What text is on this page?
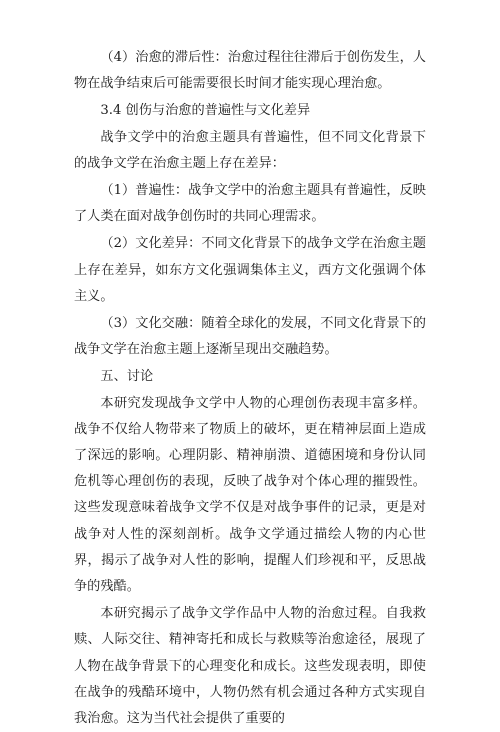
（4）治愈的滞后性：治愈过程往往滞后于创伤发生，人物在战争结束后可能需要很长时间才能实现心理治愈。

3.4 创伤与治愈的普遍性与文化差异

战争文学中的治愈主题具有普遍性，但不同文化背景下的战争文学在治愈主题上存在差异：

（1）普遍性：战争文学中的治愈主题具有普遍性，反映了人类在面对战争创伤时的共同心理需求。

（2）文化差异：不同文化背景下的战争文学在治愈主题上存在差异，如东方文化强调集体主义，西方文化强调个体主义。

（3）文化交融：随着全球化的发展，不同文化背景下的战争文学在治愈主题上逐渐呈现出交融趋势。

五、讨论

本研究发现战争文学中人物的心理创伤表现丰富多样。战争不仅给人物带来了物质上的破坏，更在精神层面上造成了深远的影响。心理阴影、精神崩溃、道德困境和身份认同危机等心理创伤的表现，反映了战争对个体心理的摧毁性。这些发现意味着战争文学不仅是对战争事件的记录，更是对战争对人性的深刻剖析。战争文学通过描绘人物的内心世界，揭示了战争对人性的影响，提醒人们珍视和平，反思战争的残酷。

本研究揭示了战争文学作品中人物的治愈过程。自我救赎、人际交往、精神寄托和成长与救赎等治愈途径，展现了人物在战争背景下的心理变化和成长。这些发现表明，即使在战争的残酷环境中，人物仍然有机会通过各种方式实现自我治愈。这为当代社会提供了重要的
